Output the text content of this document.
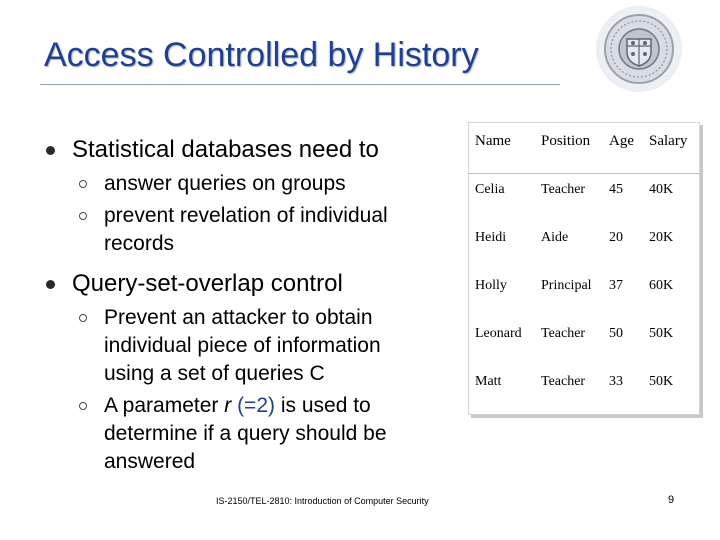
Access Controlled by History
Statistical databases need to
answer queries on groups
prevent revelation of individual
records
Query-set-overlap control
Prevent an attacker to obtain
individual piece of information
using a set of queries C
A parameter r (=2) is used to
determine if a query should be
answered
Name	Position	Age	Salary
Celia	Teacher	45	40K
Heidi	Aide	20	20K
Holly	Principal	37	60K
Leonard	Teacher	50	50K
Matt	Teacher	33	50K
IS-2150/TEL-2810: Introduction of Computer Security	9
